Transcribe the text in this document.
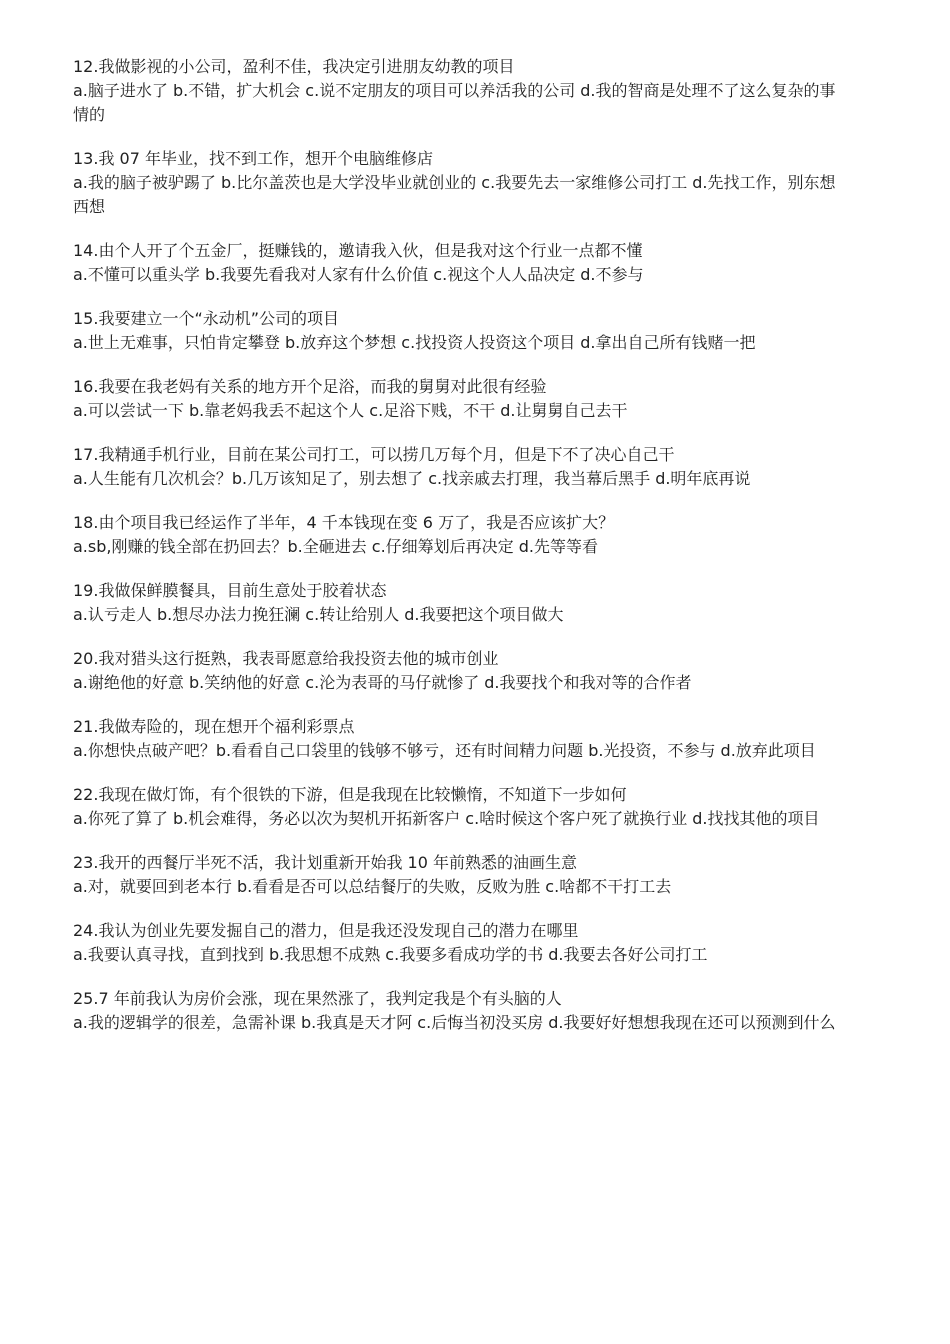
12.我做影视的小公司，盈利不佳，我决定引进朋友幼教的项目

a.脑子进水了 b.不错，扩大机会 c.说不定朋友的项目可以养活我的公司 d.我的智商是处理不了这么复杂的事情的

13.我 07 年毕业，找不到工作，想开个电脑维修店

a.我的脑子被驴踢了 b.比尔盖茨也是大学没毕业就创业的 c.我要先去一家维修公司打工 d.先找工作，别东想西想

14.由个人开了个五金厂，挺赚钱的，邀请我入伙，但是我对这个行业一点都不懂

a.不懂可以重头学 b.我要先看我对人家有什么价值 c.视这个人人品决定 d.不参与

15.我要建立一个“永动机”公司的项目

a.世上无难事，只怕肯定攀登 b.放弃这个梦想 c.找投资人投资这个项目 d.拿出自己所有钱赌一把

16.我要在我老妈有关系的地方开个足浴，而我的舅舅对此很有经验

a.可以尝试一下 b.靠老妈我丢不起这个人 c.足浴下贱，不干 d.让舅舅自己去干

17.我精通手机行业，目前在某公司打工，可以捞几万每个月，但是下不了决心自己干

a.人生能有几次机会？b.几万该知足了，别去想了 c.找亲戚去打理，我当幕后黑手 d.明年底再说

18.由个项目我已经运作了半年，4 千本钱现在变 6 万了，我是否应该扩大？

a.sb,刚赚的钱全部在扔回去？b.全砸进去 c.仔细筹划后再决定 d.先等等看

19.我做保鲜膜餐具，目前生意处于胶着状态

a.认亏走人 b.想尽办法力挽狂澜 c.转让给别人 d.我要把这个项目做大

20.我对猎头这行挺熟，我表哥愿意给我投资去他的城市创业

a.谢绝他的好意 b.笑纳他的好意 c.沦为表哥的马仔就惨了 d.我要找个和我对等的合作者

21.我做寿险的，现在想开个福利彩票点

a.你想快点破产吧？b.看看自己口袋里的钱够不够亏，还有时间精力问题 b.光投资，不参与 d.放弃此项目

22.我现在做灯饰，有个很铁的下游，但是我现在比较懒惰，不知道下一步如何

a.你死了算了 b.机会难得，务必以次为契机开拓新客户 c.啥时候这个客户死了就换行业 d.找找其他的项目

23.我开的西餐厅半死不活，我计划重新开始我 10 年前熟悉的油画生意

a.对，就要回到老本行 b.看看是否可以总结餐厅的失败，反败为胜 c.啥都不干打工去

24.我认为创业先要发掘自己的潜力，但是我还没发现自己的潜力在哪里

a.我要认真寻找，直到找到 b.我思想不成熟 c.我要多看成功学的书 d.我要去各好公司打工

25.7 年前我认为房价会涨，现在果然涨了，我判定我是个有头脑的人

a.我的逻辑学的很差，急需补课 b.我真是天才阿 c.后悔当初没买房 d.我要好好想想我现在还可以预测到什么
